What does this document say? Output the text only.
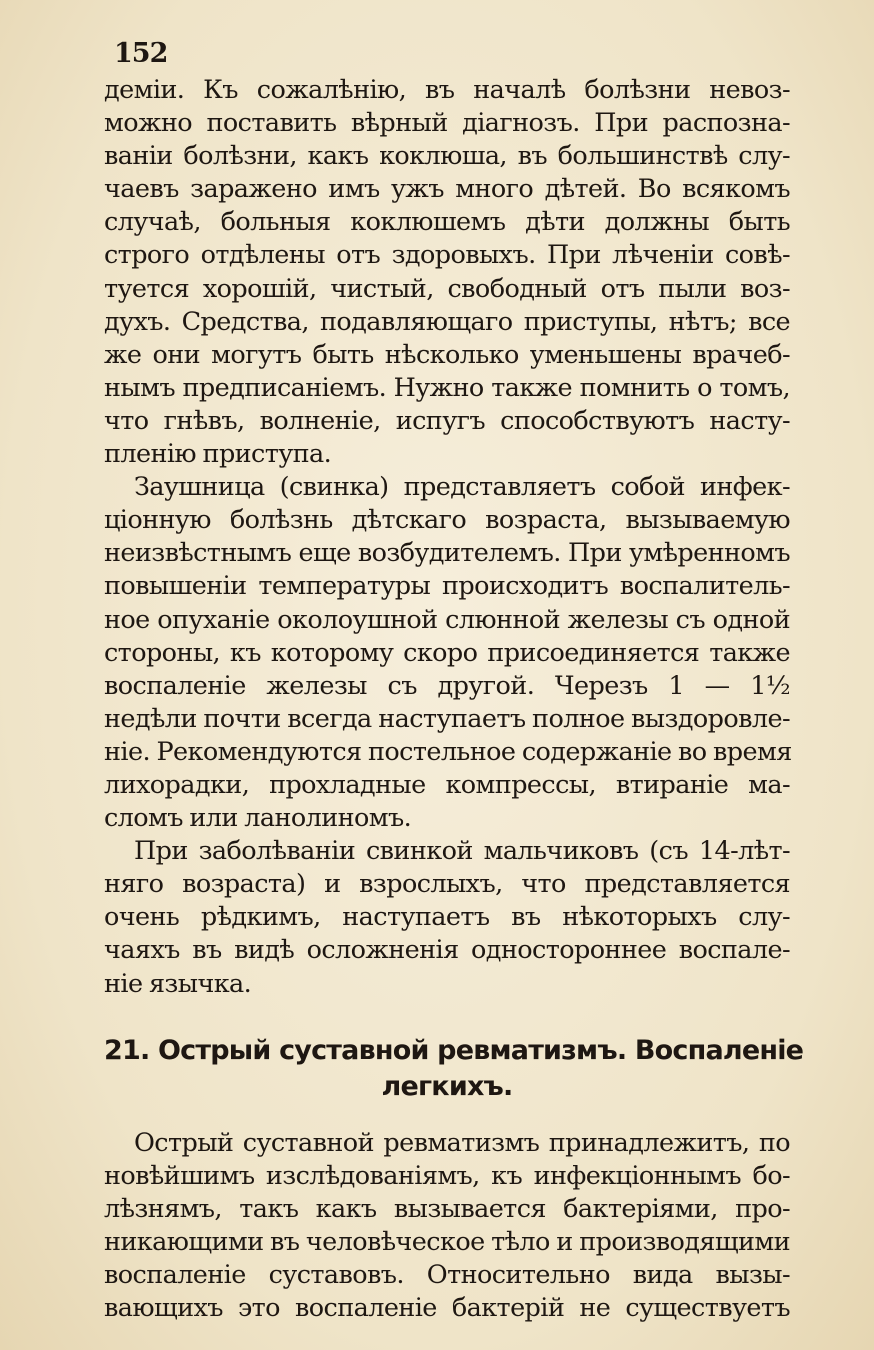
152

деміи. Къ сожалѣнію, въ началѣ болѣзни невоз-
можно поставить вѣрный діагнозъ. При распозна-
ваніи болѣзни, какъ коклюша, въ большинствѣ слу-
чаевъ заражено имъ ужъ много дѣтей. Во всякомъ
случаѣ, больныя коклюшемъ дѣти должны быть
строго отдѣлены отъ здоровыхъ. При лѣченіи совѣ-
туется хорошій, чистый, свободный отъ пыли воз-
духъ. Средства, подавляющаго приступы, нѣтъ; все
же они могутъ быть нѣсколько уменьшены врачеб-
нымъ предписаніемъ. Нужно также помнить о томъ,
что гнѣвъ, волненіе, испугъ способствуютъ насту-
пленію приступа.

Заушница (свинка) представляетъ собой инфек-
ціонную болѣзнь дѣтскаго возраста, вызываемую
неизвѣстнымъ еще возбудителемъ. При умѣренномъ
повышеніи температуры происходитъ воспалитель-
ное опуханіе околоушной слюнной железы съ одной
стороны, къ которому скоро присоединяется также
воспаленіе железы съ другой. Черезъ 1 — 1½
недѣли почти всегда наступаетъ полное выздоровле-
ніе. Рекомендуются постельное содержаніе во время
лихорадки, прохладные компрессы, втираніе ма-
сломъ или ланолиномъ.

При заболѣваніи свинкой мальчиковъ (съ 14-лѣт-
няго возраста) и взрослыхъ, что представляется
очень рѣдкимъ, наступаетъ въ нѣкоторыхъ слу-
чаяхъ въ видѣ осложненія одностороннее воспале-
ніе язычка.

21. Острый суставной ревматизмъ. Воспаленіе
легкихъ.

Острый суставной ревматизмъ принадлежитъ, по
новѣйшимъ изслѣдованіямъ, къ инфекціоннымъ бо-
лѣзнямъ, такъ какъ вызывается бактеріями, про-
никающими въ человѣческое тѣло и производящими
воспаленіе суставовъ. Относительно вида вызы-
вающихъ это воспаленіе бактерій не существуетъ
